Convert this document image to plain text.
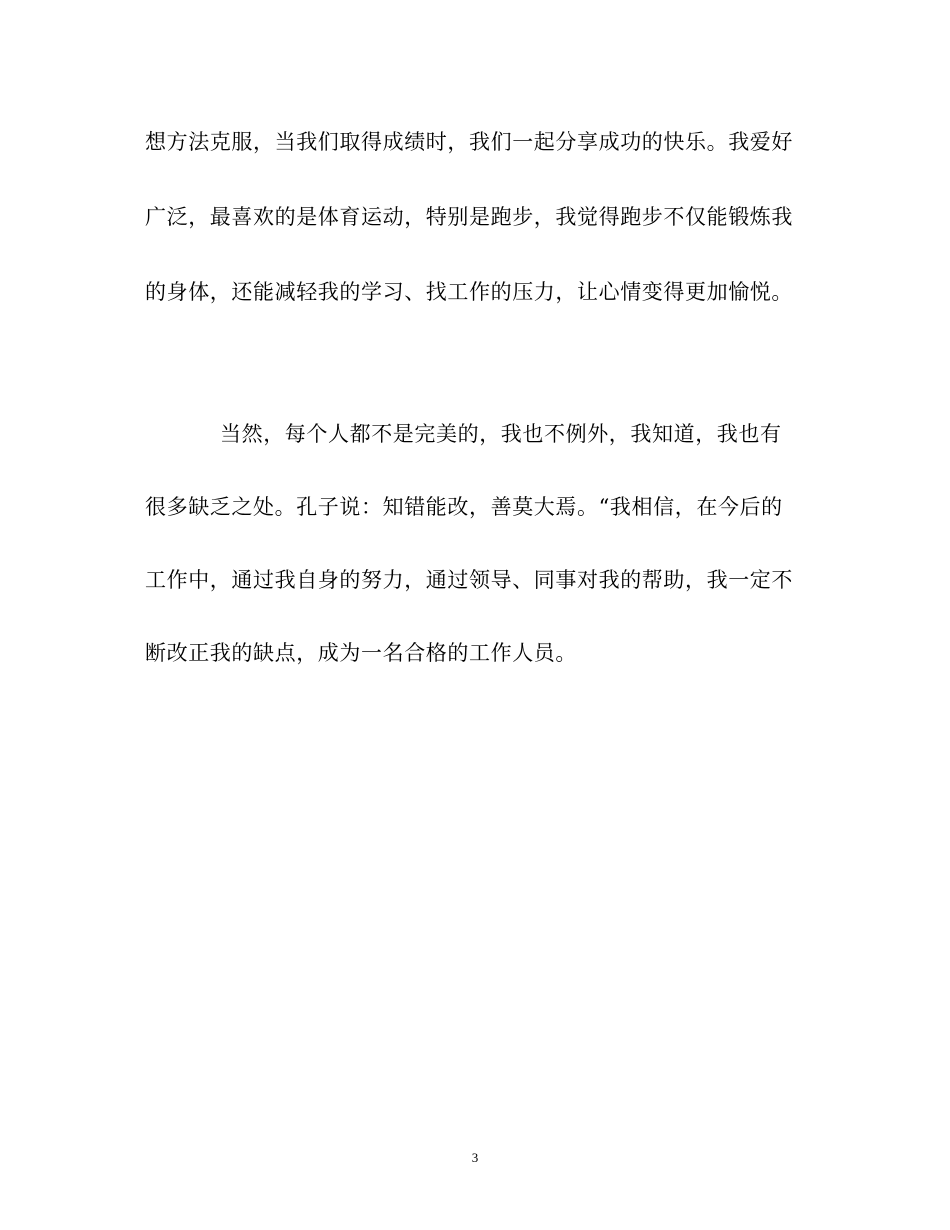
想方法克服，当我们取得成绩时，我们一起分享成功的快乐。我爱好
广泛，最喜欢的是体育运动，特别是跑步，我觉得跑步不仅能锻炼我
的身体，还能减轻我的学习、找工作的压力，让心情变得更加愉悦。
当然，每个人都不是完美的，我也不例外，我知道，我也有
很多缺乏之处。孔子说：知错能改，善莫大焉。“我相信，在今后的
工作中，通过我自身的努力，通过领导、同事对我的帮助，我一定不
断改正我的缺点，成为一名合格的工作人员。
3
